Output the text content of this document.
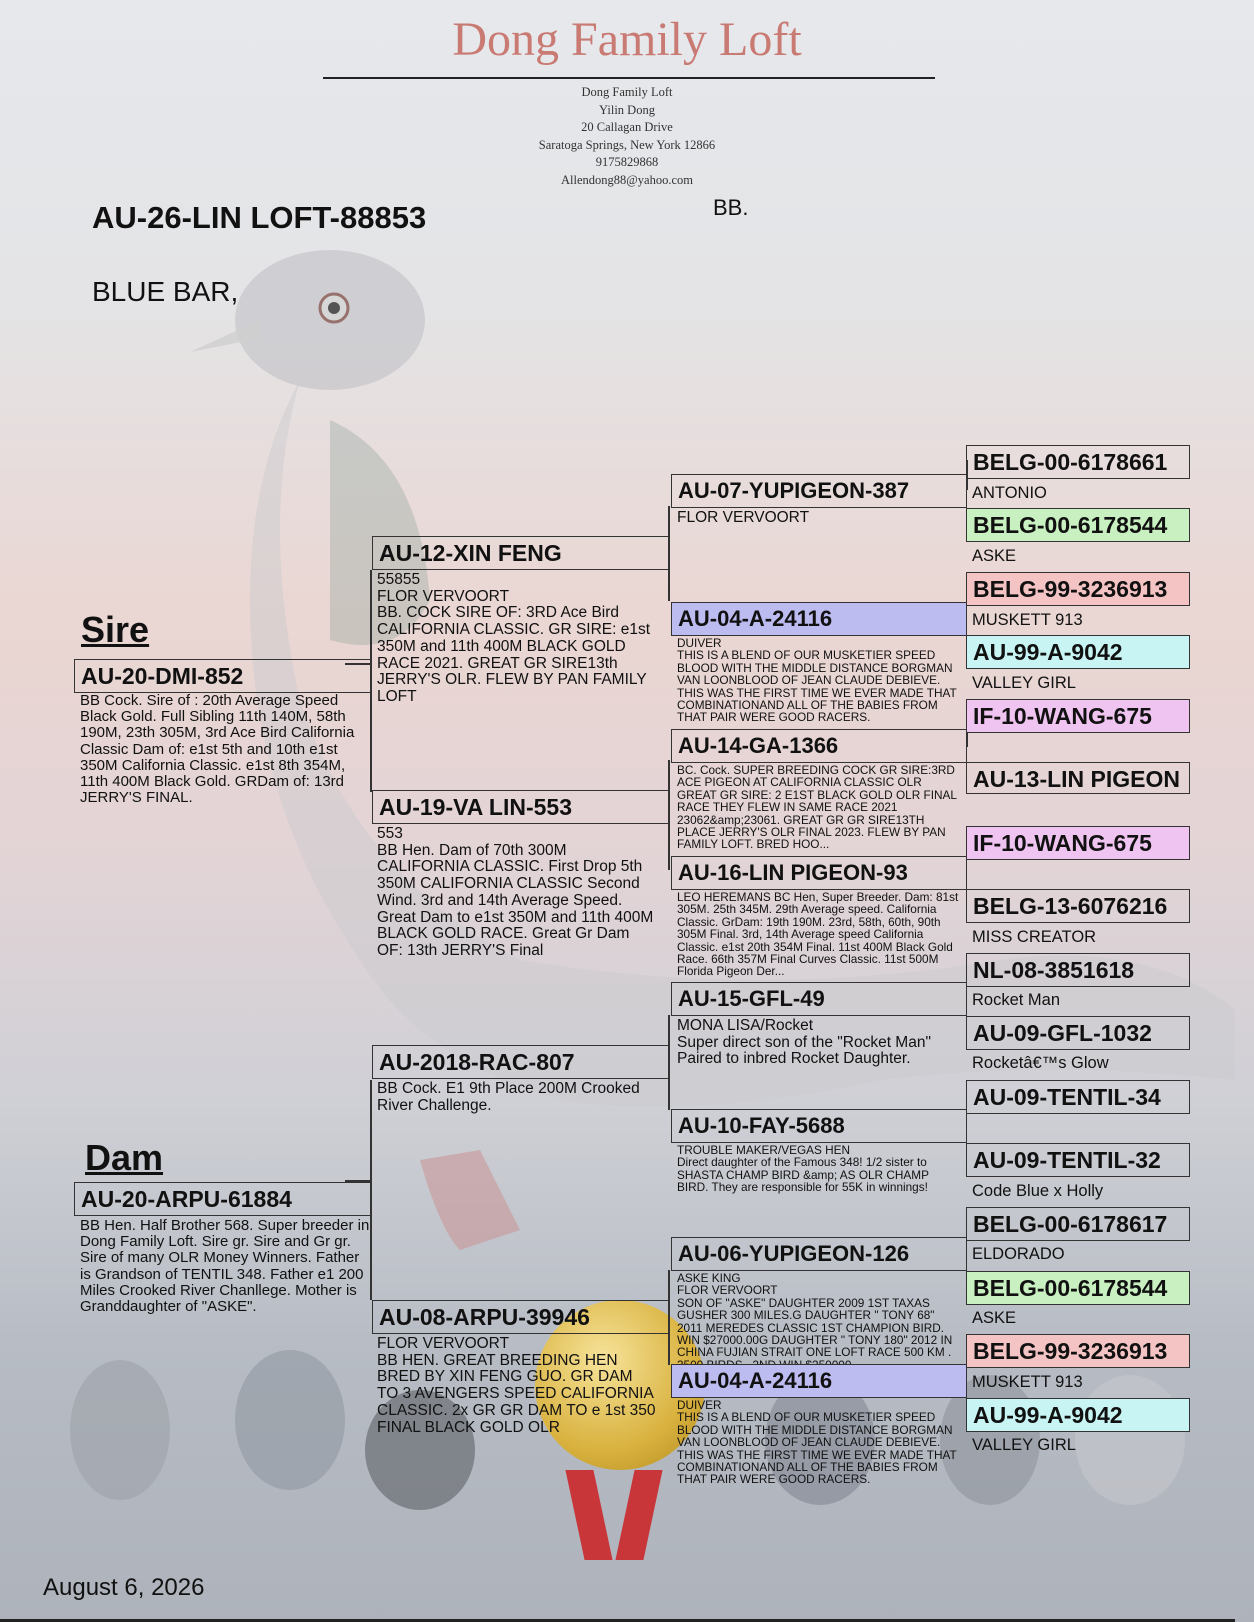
Dong Family Loft
Dong Family Loft
Yilin Dong
20 Callagan Drive
Saratoga Springs, New York 12866
9175829868
Allendong88@yahoo.com
AU-26-LIN LOFT-88853
BLUE BAR,
BB.
Sire
AU-20-DMI-852
BB Cock. Sire of : 20th Average Speed Black Gold. Full Sibling 11th 140M, 58th 190M, 23th 305M, 3rd Ace Bird California Classic Dam of: e1st 5th and 10th e1st 350M California Classic. e1st 8th 354M, 11th 400M Black Gold. GRDam of: 13rd JERRY'S FINAL.
Dam
AU-20-ARPU-61884
BB Hen. Half Brother 568. Super breeder in Dong Family Loft. Sire gr. Sire and Gr gr. Sire of many OLR Money Winners. Father is Grandson of TENTIL 348. Father e1 200 Miles Crooked River Chanllege. Mother is Granddaughter of "ASKE".
AU-12-XIN FENG
55855
FLOR VERVOORT
BB. COCK SIRE OF: 3RD Ace Bird CALIFORNIA CLASSIC. GR SIRE: e1st 350M and 11th 400M BLACK GOLD RACE 2021. GREAT GR SIRE13th JERRY'S OLR. FLEW BY PAN FAMILY LOFT
AU-19-VA LIN-553
553
BB Hen. Dam of 70th 300M CALIFORNIA CLASSIC. First Drop 5th 350M CALIFORNIA CLASSIC Second Wind. 3rd and 14th Average Speed. Great Dam to e1st 350M and 11th 400M BLACK GOLD RACE. Great Gr Dam OF: 13th JERRY'S Final
AU-2018-RAC-807
BB Cock. E1 9th Place 200M Crooked River Challenge.
AU-08-ARPU-39946
FLOR VERVOORT
BB HEN. GREAT BREEDING HEN BRED BY XIN FENG GUO. GR DAM TO 3 AVENGERS SPEED CALIFORNIA CLASSIC. 2x GR GR DAM TO e 1st 350 FINAL BLACK GOLD OLR
AU-07-YUPIGEON-387
FLOR VERVOORT
AU-04-A-24116
DUIVER
THIS IS A BLEND OF OUR MUSKETIER SPEED BLOOD WITH THE MIDDLE DISTANCE BORGMAN VAN LOONBLOOD OF JEAN CLAUDE DEBIEVE. THIS WAS THE FIRST TIME WE EVER MADE THAT COMBINATIONAND ALL OF THE BABIES FROM THAT PAIR WERE GOOD RACERS.
AU-14-GA-1366
BC. Cock. SUPER BREEDING COCK GR SIRE:3RD ACE PIGEON AT CALIFORNIA CLASSIC OLR GREAT GR SIRE: 2 E1ST BLACK GOLD OLR FINAL RACE THEY FLEW IN SAME RACE 2021 23062&amp;23061. GREAT GR GR SIRE13TH PLACE JERRY'S OLR FINAL 2023. FLEW BY PAN FAMILY LOFT. BRED HOO...
AU-16-LIN PIGEON-93
LEO HEREMANS BC Hen, Super Breeder. Dam: 81st 305M. 25th 345M. 29th Average speed. California Classic. GrDam: 19th 190M. 23rd, 58th, 60th, 90th 305M Final. 3rd, 14th Average speed California Classic. e1st 20th 354M Final. 11st 400M Black Gold Race. 66th 357M Final Curves Classic. 11st 500M Florida Pigeon Der...
AU-15-GFL-49
MONA LISA/Rocket
Super direct son of the "Rocket Man" Paired to inbred Rocket Daughter.
AU-10-FAY-5688
TROUBLE MAKER/VEGAS HEN
Direct daughter of the Famous 348! 1/2 sister to SHASTA CHAMP BIRD &amp; AS OLR CHAMP BIRD. They are responsible for 55K in winnings!
AU-06-YUPIGEON-126
ASKE KING
FLOR VERVOORT
SON OF "ASKE" DAUGHTER 2009 1ST TAXAS GUSHER 300 MILES.G DAUGHTER " TONY 68" 2011 MEREDES CLASSIC 1ST CHAMPION BIRD. WIN $27000.00G DAUGHTER " TONY 180" 2012 IN CHINA FUJIAN STRAIT ONE LOFT RACE 500 KM .
AU-04-A-24116
DUIVER
THIS IS A BLEND OF OUR MUSKETIER SPEED BLOOD WITH THE MIDDLE DISTANCE BORGMAN VAN LOONBLOOD OF JEAN CLAUDE DEBIEVE. THIS WAS THE FIRST TIME WE EVER MADE THAT COMBINATIONAND ALL OF THE BABIES FROM THAT PAIR WERE GOOD RACERS.
BELG-00-6178661
ANTONIO
BELG-00-6178544
ASKE
BELG-99-3236913
MUSKETT 913
AU-99-A-9042
VALLEY GIRL
IF-10-WANG-675
AU-13-LIN PIGEON
IF-10-WANG-675
BELG-13-6076216
MISS CREATOR
NL-08-3851618
Rocket Man
AU-09-GFL-1032
Rocketâ€™s Glow
AU-09-TENTIL-34
AU-09-TENTIL-32
Code Blue x Holly
BELG-00-6178617
ELDORADO
BELG-00-6178544
ASKE
BELG-99-3236913
MUSKETT 913
AU-99-A-9042
VALLEY GIRL
August 6, 2026
